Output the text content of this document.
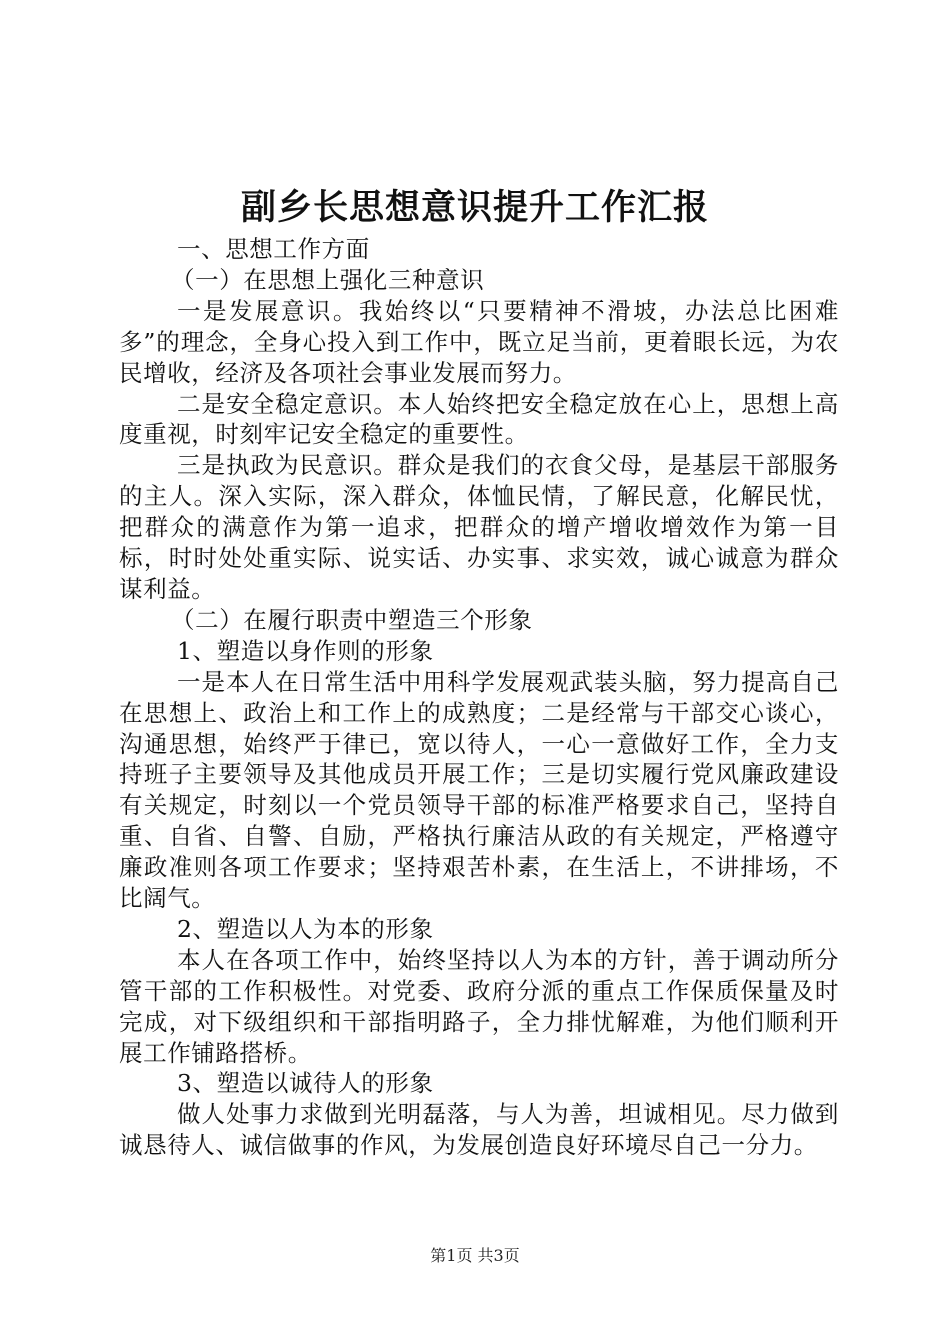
副乡长思想意识提升工作汇报

一、思想工作方面

（一）在思想上强化三种意识

一是发展意识。我始终以“只要精神不滑坡，办法总比困难多”的理念，全身心投入到工作中，既立足当前，更着眼长远，为农民增收，经济及各项社会事业发展而努力。

二是安全稳定意识。本人始终把安全稳定放在心上，思想上高度重视，时刻牢记安全稳定的重要性。

三是执政为民意识。群众是我们的衣食父母，是基层干部服务的主人。深入实际，深入群众，体恤民情，了解民意，化解民忧，把群众的满意作为第一追求，把群众的增产增收增效作为第一目标，时时处处重实际、说实话、办实事、求实效，诚心诚意为群众谋利益。

（二）在履行职责中塑造三个形象

1、塑造以身作则的形象

一是本人在日常生活中用科学发展观武装头脑，努力提高自己在思想上、政治上和工作上的成熟度；二是经常与干部交心谈心，沟通思想，始终严于律已，宽以待人，一心一意做好工作，全力支持班子主要领导及其他成员开展工作；三是切实履行党风廉政建设有关规定，时刻以一个党员领导干部的标准严格要求自己，坚持自重、自省、自警、自励，严格执行廉洁从政的有关规定，严格遵守廉政准则各项工作要求；坚持艰苦朴素，在生活上，不讲排场，不比阔气。

2、塑造以人为本的形象

本人在各项工作中，始终坚持以人为本的方针，善于调动所分管干部的工作积极性。对党委、政府分派的重点工作保质保量及时完成，对下级组织和干部指明路子，全力排忧解难，为他们顺利开展工作铺路搭桥。

3、塑造以诚待人的形象

做人处事力求做到光明磊落，与人为善，坦诚相见。尽力做到诚恳待人、诚信做事的作风，为发展创造良好环境尽自己一分力。

第1页 共3页
